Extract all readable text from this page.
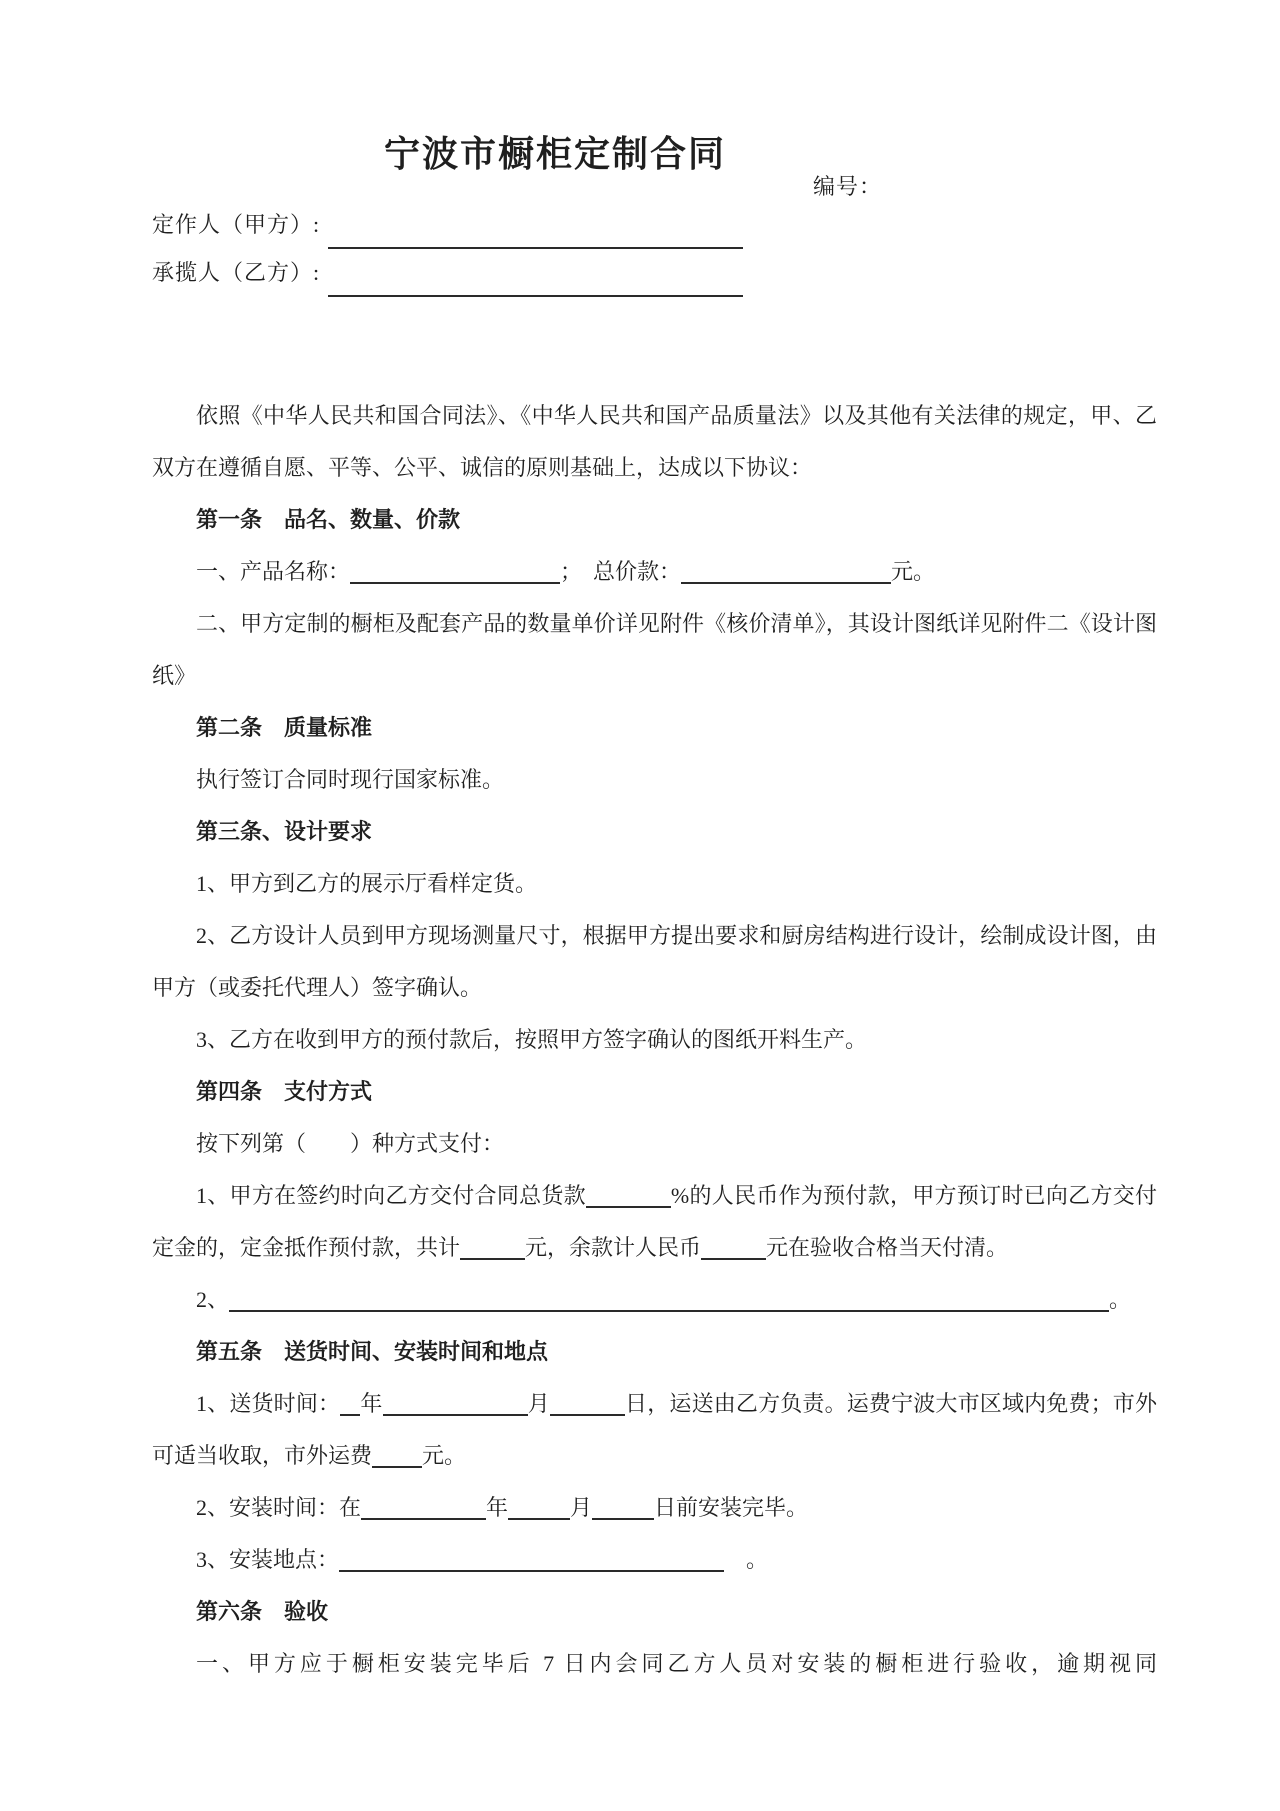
宁波市橱柜定制合同
编号：
定作人（甲方）:
承揽人（乙方）:

依照《中华人民共和国合同法》、《中华人民共和国产品质量法》以及其他有关法律的规定，甲、乙双方在遵循自愿、平等、公平、诚信的原则基础上，达成以下协议：

第一条　品名、数量、价款

一、产品名称：	；　总价款：	元。

二、甲方定制的橱柜及配套产品的数量单价详见附件《核价清单》，其设计图纸详见附件二《设计图纸》

第二条　质量标准

执行签订合同时现行国家标准。

第三条、设计要求

1、甲方到乙方的展示厅看样定货。

2、乙方设计人员到甲方现场测量尺寸，根据甲方提出要求和厨房结构进行设计，绘制成设计图，由甲方（或委托代理人）签字确认。

3、乙方在收到甲方的预付款后，按照甲方签字确认的图纸开料生产。

第四条　支付方式

按下列第（　　）种方式支付：

1、甲方在签约时向乙方交付合同总货款	%的人民币作为预付款，甲方预订时已向乙方交付定金的，定金抵作预付款，共计	元，余款计人民币	元在验收合格当天付清。

2、	。

第五条　送货时间、安装时间和地点

1、送货时间： 年	月	日，运送由乙方负责。运费宁波大市区域内免费；市外可适当收取，市外运费 元。

2、安装时间：在	年	月	日前安装完毕。

3、安装地点：	　。

第六条　验收

一、甲方应于橱柜安装完毕后 7 日内会同乙方人员对安装的橱柜进行验收，逾期视同
